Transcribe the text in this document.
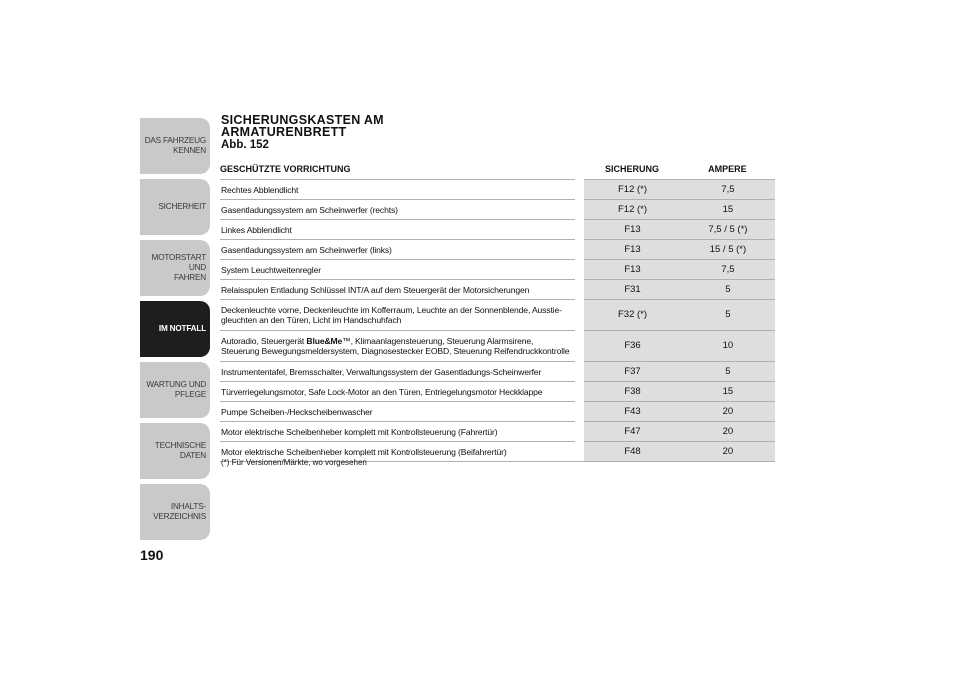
DAS FAHRZEUG
KENNEN
SICHERHEIT
MOTORSTART UND
FAHREN
IM NOTFALL
WARTUNG UND
PFLEGE
TECHNISCHE DATEN
INHALTS-
VERZEICHNIS
190
SICHERUNGSKASTEN AM
ARMATURENBRETT
Abb. 152
GESCHÜTZTE VORRICHTUNG		SICHERUNG	AMPERE
Rechtes Abblendlicht		F12 (*)	7,5
Gasentladungssystem am Scheinwerfer (rechts)		F12 (*)	15
Linkes Abblendlicht		F13	7,5 / 5 (*)
Gasentladungssystem am Scheinwerfer (links)		F13	15 / 5 (*)
System Leuchtweitenregler		F13	7,5
Relaisspulen Entladung Schlüssel INT/A auf dem Steuergerät der Motorsicherungen		F31	5
Deckenleuchte vorne, Deckenleuchte im Kofferraum, Leuchte an der Sonnenblende, Ausstie-
gleuchten an den Türen, Licht im Handschuhfach		F32 (*)	5
Autoradio, Steuergerät Blue&Me™, Klimaanlagensteuerung, Steuerung Alarmsirene,
Steuerung Bewegungsmeldersystem, Diagnosestecker EOBD, Steuerung Reifendruckkontrolle		F36	10
Instrumententafel, Bremsschalter, Verwaltungssystem der Gasentladungs-Scheinwerfer		F37	5
Türverriegelungsmotor, Safe Lock-Motor an den Türen, Entriegelungsmotor Heckklappe		F38	15
Pumpe Scheiben-/Heckscheibenwascher		F43	20
Motor elektrische Scheibenheber komplett mit Kontrollsteuerung (Fahrertür)		F47	20
Motor elektrische Scheibenheber komplett mit Kontrollsteuerung (Beifahrertür)		F48	20
(*) Für Versionen/Märkte, wo vorgesehen
